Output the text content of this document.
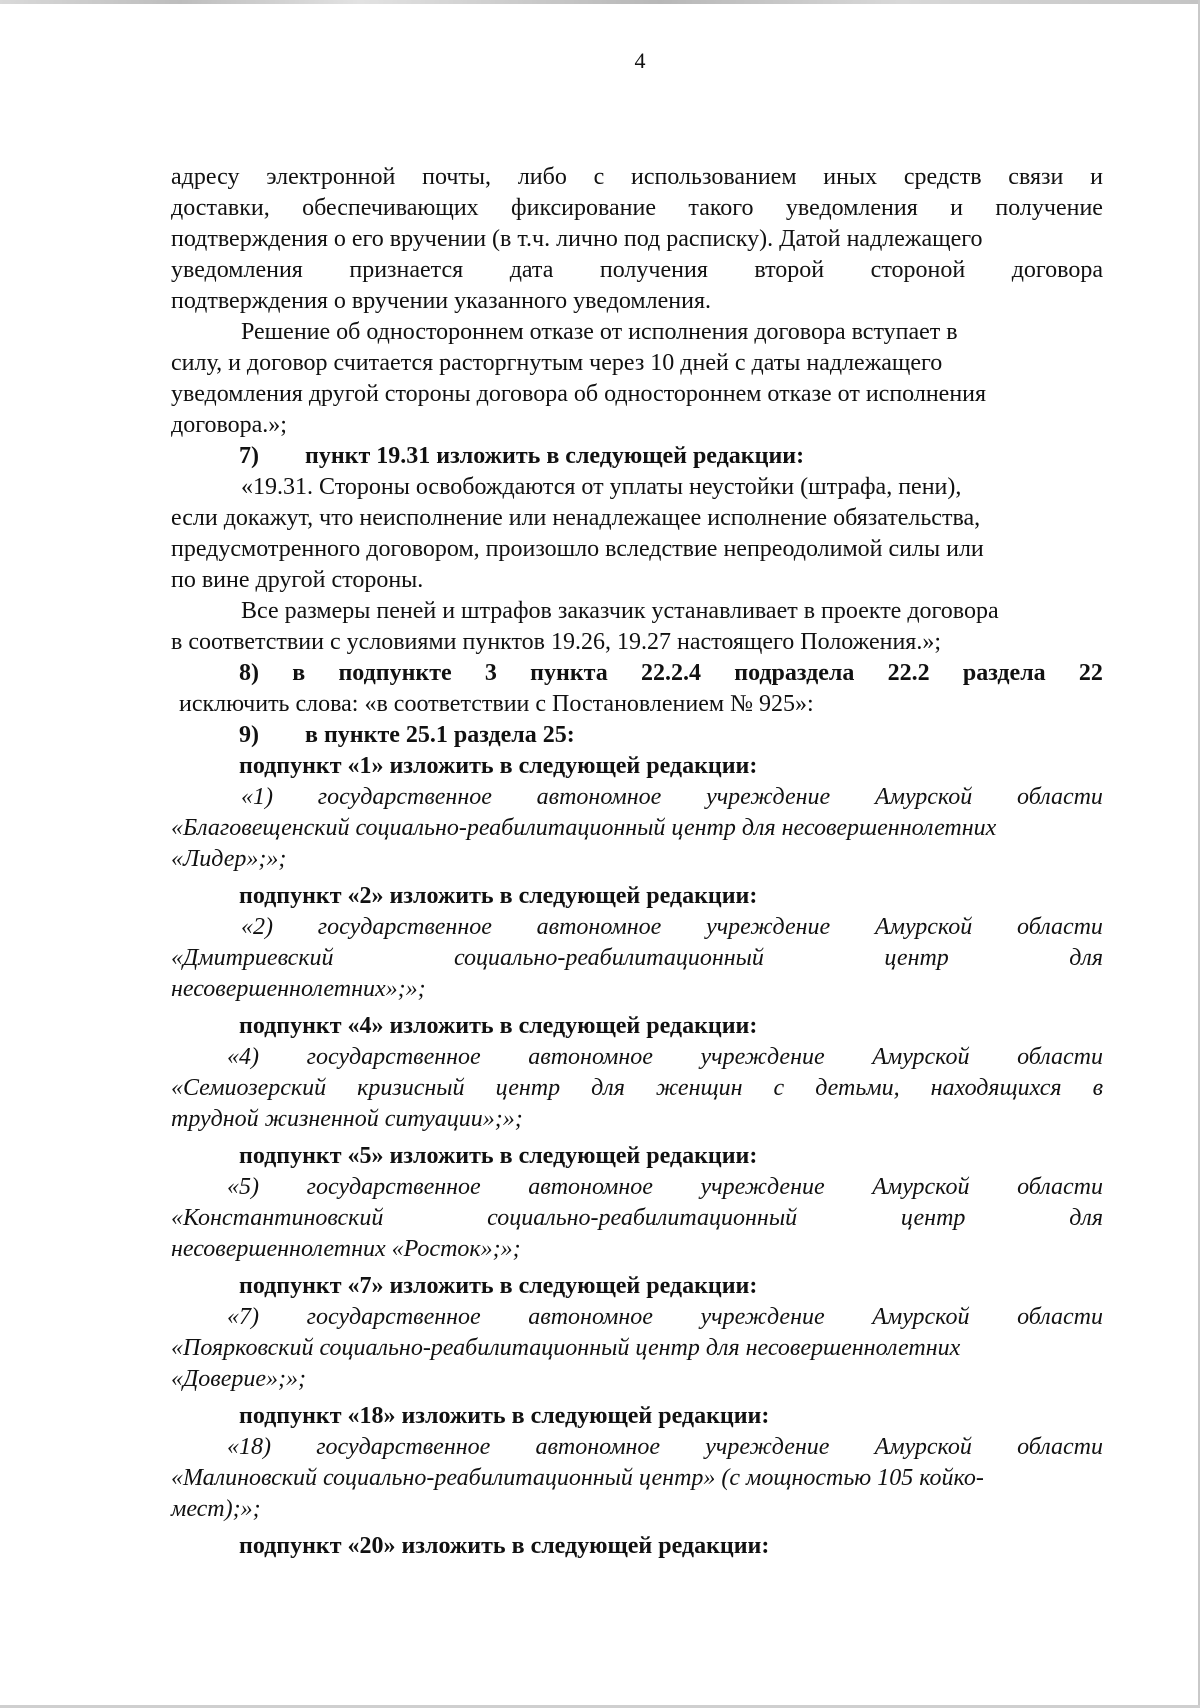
4
адресу электронной почты, либо с использованием иных средств связи и
доставки, обеспечивающих фиксирование такого уведомления и получение
подтверждения о его вручении (в т.ч. лично под расписку). Датой надлежащего
уведомления признается дата получения второй стороной договора
подтверждения о вручении указанного уведомления.
Решение об одностороннем отказе от исполнения договора вступает в
силу, и договор считается расторгнутым через 10 дней с даты надлежащего
уведомления другой стороны договора об одностороннем отказе от исполнения
договора.»;
7) пункт 19.31 изложить в следующей редакции:
«19.31. Стороны освобождаются от уплаты неустойки (штрафа, пени),
если докажут, что неисполнение или ненадлежащее исполнение обязательства,
предусмотренного договором, произошло вследствие непреодолимой силы или
по вине другой стороны.
Все размеры пеней и штрафов заказчик устанавливает в проекте договора
в соответствии с условиями пунктов 19.26, 19.27 настоящего Положения.»;
8) в подпункте 3 пункта 22.2.4 подраздела 22.2 раздела 22
исключить слова: «в соответствии с Постановлением № 925»:
9) в пункте 25.1 раздела 25:
подпункт «1» изложить в следующей редакции:
«1) государственное автономное учреждение Амурской области
«Благовещенский социально-реабилитационный центр для несовершеннолетних
«Лидер»;»;
подпункт «2» изложить в следующей редакции:
«2) государственное автономное учреждение Амурской области
«Дмитриевский	социально-реабилитационный	центр	для
несовершеннолетних»;»;
подпункт «4» изложить в следующей редакции:
«4) государственное автономное учреждение Амурской области
«Семиозерский кризисный центр для женщин с детьми, находящихся в
трудной жизненной ситуации»;»;
подпункт «5» изложить в следующей редакции:
«5) государственное автономное учреждение Амурской области
«Константиновский	социально-реабилитационный	центр	для
несовершеннолетних «Росток»;»;
подпункт «7» изложить в следующей редакции:
«7) государственное автономное учреждение Амурской области
«Поярковский социально-реабилитационный центр для несовершеннолетних
«Доверие»;»;
подпункт «18» изложить в следующей редакции:
«18) государственное автономное учреждение Амурской области
«Малиновский социально-реабилитационный центр» (с мощностью 105 койко-
мест);»;
подпункт «20» изложить в следующей редакции:
